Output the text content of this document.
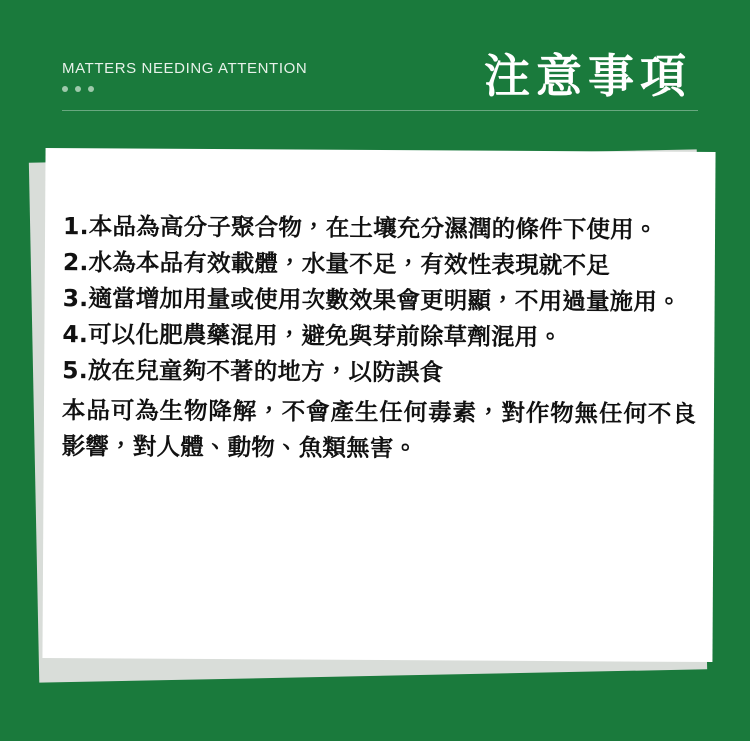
MATTERS NEEDING ATTENTION	注意事項
1.本品為高分子聚合物，在土壤充分濕潤的條件下使用。
2.水為本品有效載體，水量不足，有效性表現就不足
3.適當增加用量或使用次數效果會更明顯，不用過量施用。
4.可以化肥農藥混用，避免與芽前除草劑混用。
5.放在兒童夠不著的地方，以防誤食
本品可為生物降解，不會產生任何毒素，對作物無任何不良影響，對人體、動物、魚類無害。
